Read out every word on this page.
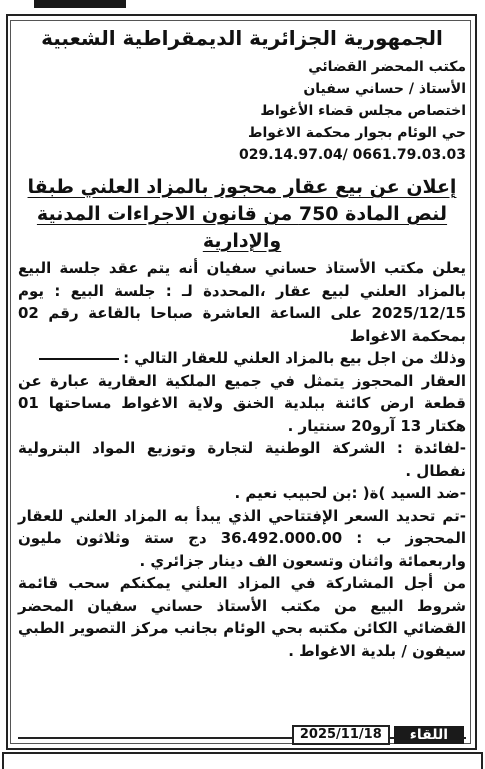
الجمهورية الجزائرية الديمقراطية الشعبية

مكتب المحضر القضائي

الأستاذ / حساني سفيان

اختصاص مجلس قضاء الأغواط

حي الوئام بجوار محكمة الاغواط

029.14.97.04/ 0661.79.03.03

إعلان عن بيع عقار محجوز بالمزاد العلني طبقا لنص المادة 750 من قانون الاجراءات المدنية والإدارية

يعلن مكتب الأستاذ حساني سفيان أنه يتم عقد جلسة البيع بالمزاد العلني لبيع عقار ،المحددة لـ : جلسة البيع : يوم 2025/12/15 على الساعة العاشرة صباحا بالقاعة رقم 02 بمحكمة الاغواط

وذلك من اجل بيع بالمزاد العلني للعقار التالي :

العقار المحجوز يتمثل في جميع الملكية العقارية عبارة عن قطعة ارض كائنة ببلدية الخنق ولاية الاغواط مساحتها 01 هكتار 13 آرو20 سنتيار .

-لفائدة : الشركة الوطنية لتجارة وتوزيع المواد البترولية نفطال .

-ضد السيد )ة( :بن لحبيب نعيم .

-تم تحديد السعر الإفتتاحي الذي يبدأ به المزاد العلني للعقار المحجوز ب : 36.492.000.00 دج ستة وثلاثون مليون واربعمائة واثنان وتسعون الف دينار جزائري .

من أجل المشاركة في المزاد العلني يمكنكم سحب قائمة شروط البيع من مكتب الأستاذ حساني سفيان المحضر القضائي الكائن مكتبه بحي الوئام بجانب مركز التصوير الطبي سيفون / بلدية الاغواط .

2025/11/18	اللقاء
